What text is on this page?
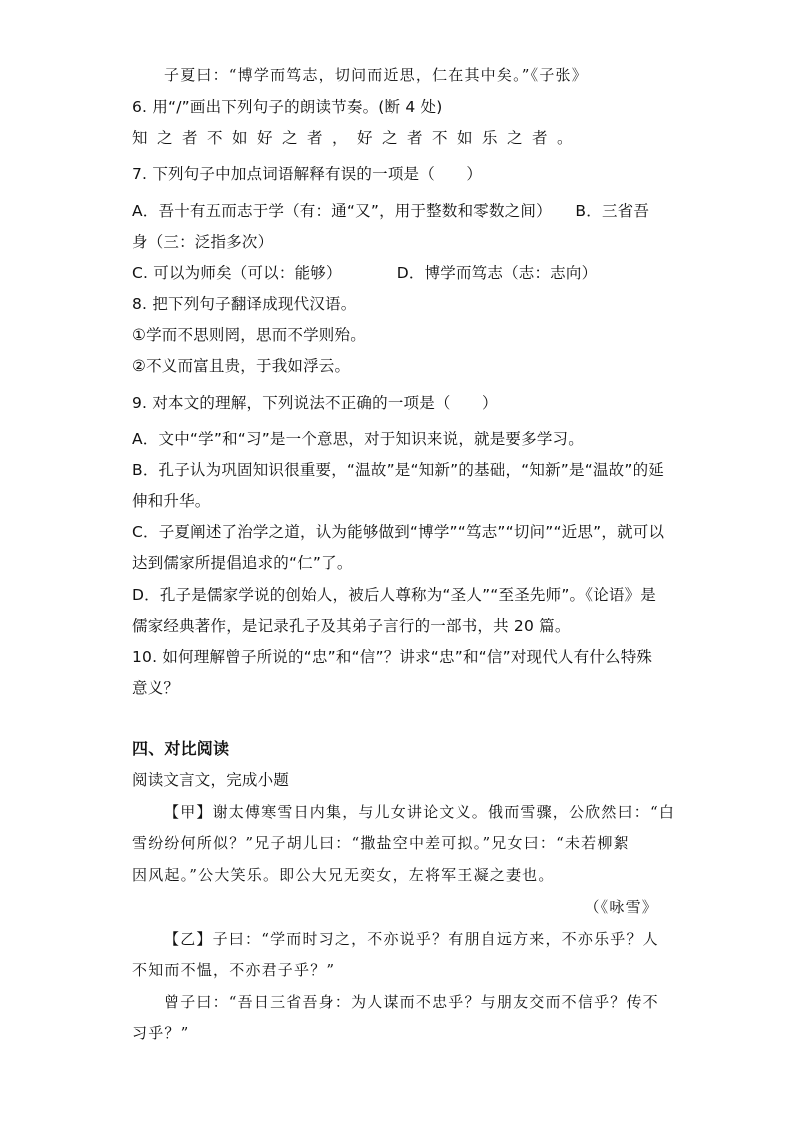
子夏曰：“博学而笃志，切问而近思，仁在其中矣。”《子张》
6. 用“/”画出下列句子的朗读节奏。(断 4 处)
知之者不如好之者，好之者不如乐之者。
7. 下列句子中加点词语解释有误的一项是（　　）
A．吾十有五而志于学（有：通“又”，用于整数和零数之间）　　B．三省吾
身（三：泛指多次）
C. 可以为师矣（可以：能够）　　　　D．博学而笃志（志：志向）
8. 把下列句子翻译成现代汉语。
①学而不思则罔，思而不学则殆。
②不义而富且贵，于我如浮云。
9. 对本文的理解，下列说法不正确的一项是（　　）
A．文中“学”和“习”是一个意思，对于知识来说，就是要多学习。
B．孔子认为巩固知识很重要，“温故”是“知新”的基础，“知新”是“温故”的延
伸和升华。
C．子夏阐述了治学之道，认为能够做到“博学”“笃志”“切问”“近思”，就可以
达到儒家所提倡追求的“仁”了。
D．孔子是儒家学说的创始人，被后人尊称为“圣人”“至圣先师”。《论语》是
儒家经典著作，是记录孔子及其弟子言行的一部书，共 20 篇。
10. 如何理解曾子所说的“忠”和“信”？讲求“忠”和“信”对现代人有什么特殊
意义？
四、对比阅读
阅读文言文，完成小题
【甲】谢太傅寒雪日内集，与儿女讲论文义。俄而雪骤，公欣然曰：“白
雪纷纷何所似？”兄子胡儿曰：“撒盐空中差可拟。”兄女曰：“未若柳絮
因风起。”公大笑乐。即公大兄无奕女，左将军王凝之妻也。
（《咏雪》
【乙】子曰：“学而时习之，不亦说乎？有朋自远方来，不亦乐乎？人
不知而不愠，不亦君子乎？”
曾子曰：“吾日三省吾身：为人谋而不忠乎？与朋友交而不信乎？传不
习乎？”
